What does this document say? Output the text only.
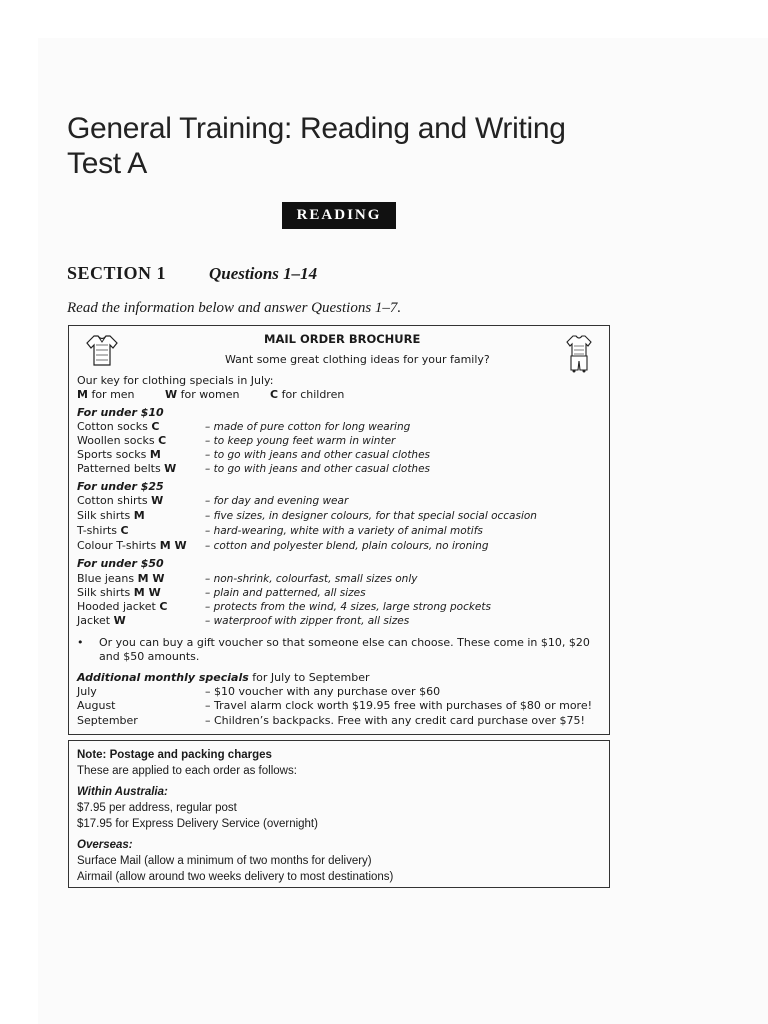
General Training: Reading and Writing
Test A
READING
SECTION 1	Questions 1–14
Read the information below and answer Questions 1–7.
MAIL ORDER BROCHURE
Want some great clothing ideas for your family?
Our key for clothing specials in July:
M for men	W for women	C for children
For under $10
Cotton socks C	– made of pure cotton for long wearing
Woollen socks C	– to keep young feet warm in winter
Sports socks M	– to go with jeans and other casual clothes
Patterned belts W	– to go with jeans and other casual clothes
For under $25
Cotton shirts W	– for day and evening wear
Silk shirts M	– five sizes, in designer colours, for that special social occasion
T-shirts C	– hard-wearing, white with a variety of animal motifs
Colour T-shirts M W – cotton and polyester blend, plain colours, no ironing
For under $50
Blue jeans M W	– non-shrink, colourfast, small sizes only
Silk shirts M W	– plain and patterned, all sizes
Hooded jacket C	– protects from the wind, 4 sizes, large strong pockets
Jacket W	– waterproof with zipper front, all sizes
• Or you can buy a gift voucher so that someone else can choose. These come in $10, $20
and $50 amounts.
Additional monthly specials for July to September
July	– $10 voucher with any purchase over $60
August	– Travel alarm clock worth $19.95 free with purchases of $80 or more!
September	– Children’s backpacks. Free with any credit card purchase over $75!
Note: Postage and packing charges
These are applied to each order as follows:
Within Australia:
$7.95 per address, regular post
$17.95 for Express Delivery Service (overnight)
Overseas:
Surface Mail (allow a minimum of two months for delivery)
Airmail (allow around two weeks delivery to most destinations)
